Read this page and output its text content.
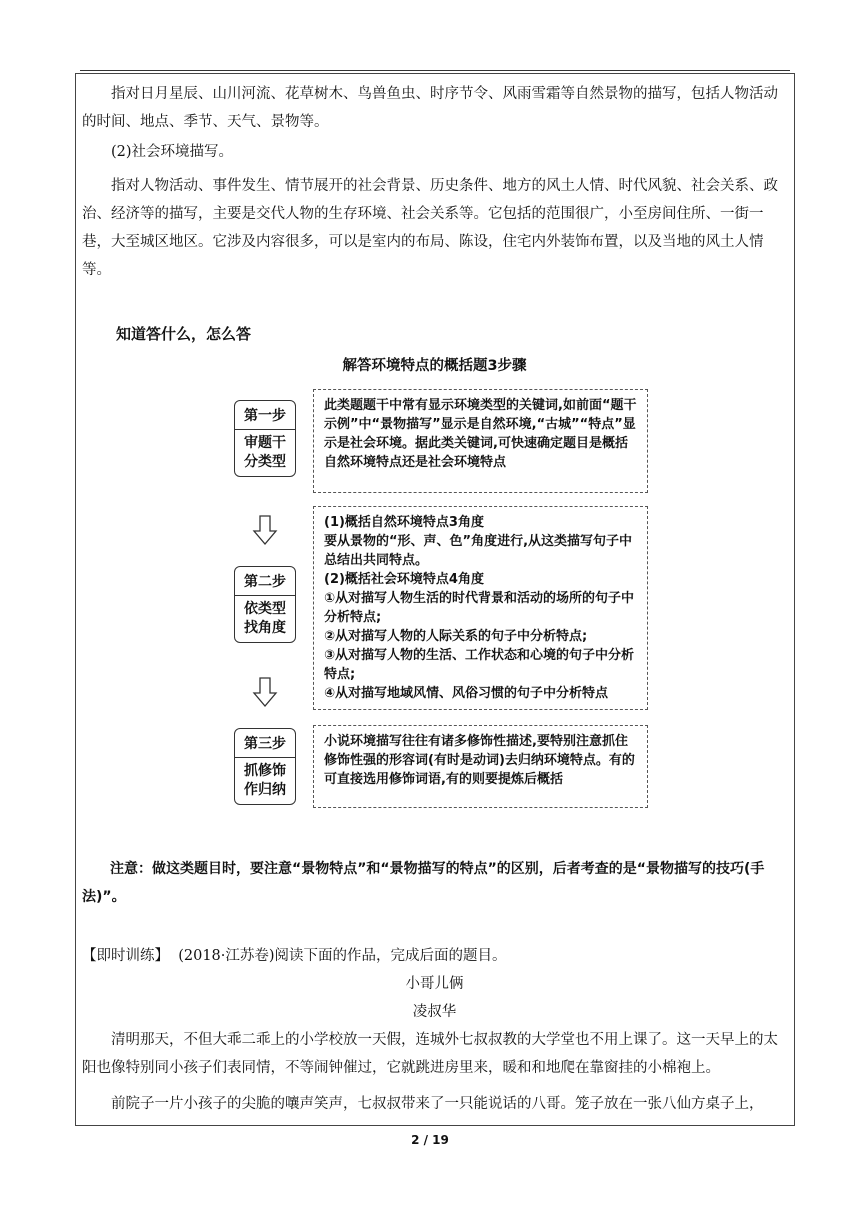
指对日月星辰、山川河流、花草树木、鸟兽鱼虫、时序节令、风雨雪霜等自然景物的描写，包括人物活动的时间、地点、季节、天气、景物等。

(2)社会环境描写。

指对人物活动、事件发生、情节展开的社会背景、历史条件、地方的风土人情、时代风貌、社会关系、政治、经济等的描写，主要是交代人物的生存环境、社会关系等。它包括的范围很广，小至房间住所、一街一巷，大至城区地区。它涉及内容很多，可以是室内的布局、陈设，住宅内外装饰布置，以及当地的风土人情等。

知道答什么，怎么答

解答环境特点的概括题3步骤

第一步
审题干
分类型
此类题题干中常有显示环境类型的关键词,如前面“题干示例”中“景物描写”显示是自然环境,“古城”“特点”显示是社会环境。据此类关键词,可快速确定题目是概括自然环境特点还是社会环境特点
第二步
依类型
找角度
(1)概括自然环境特点3角度
要从景物的“形、声、色”角度进行,从这类描写句子中总结出共同特点。
(2)概括社会环境特点4角度
①从对描写人物生活的时代背景和活动的场所的句子中分析特点;
②从对描写人物的人际关系的句子中分析特点;
③从对描写人物的生活、工作状态和心境的句子中分析特点;
④从对描写地域风情、风俗习惯的句子中分析特点
第三步
抓修饰
作归纳
小说环境描写往往有诸多修饰性描述,要特别注意抓住修饰性强的形容词(有时是动词)去归纳环境特点。有的可直接选用修饰词语,有的则要提炼后概括

注意：做这类题目时，要注意“景物特点”和“景物描写的特点”的区别，后者考查的是“景物描写的技巧(手法)”。

【即时训练】 (2018·江苏卷)阅读下面的作品，完成后面的题目。

小哥儿俩

凌叔华

清明那天，不但大乖二乖上的小学校放一天假，连城外七叔叔教的大学堂也不用上课了。这一天早上的太阳也像特别同小孩子们表同情，不等闹钟催过，它就跳进房里来，暖和和地爬在靠窗挂的小棉袍上。

前院子一片小孩子的尖脆的嚷声笑声，七叔叔带来了一只能说话的八哥。笼子放在一张八仙方桌子上，

2 / 19
